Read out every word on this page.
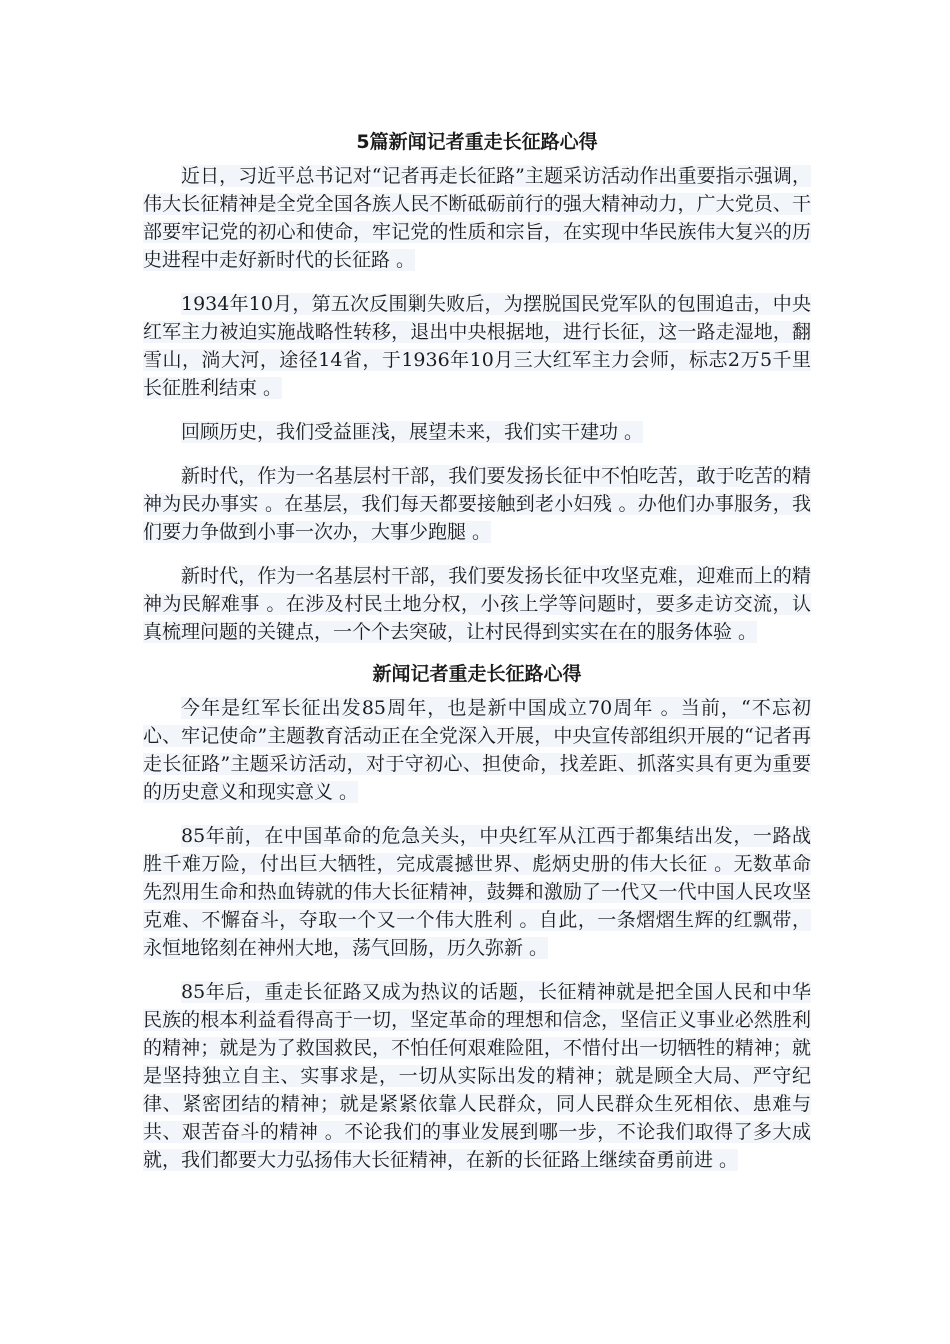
5篇新闻记者重走长征路心得

近日，习近平总书记对“记者再走长征路”主题采访活动作出重要指示强调，伟大长征精神是全党全国各族人民不断砥砺前行的强大精神动力，广大党员、干部要牢记党的初心和使命，牢记党的性质和宗旨，在实现中华民族伟大复兴的历史进程中走好新时代的长征路 。

1934年10月，第五次反围剿失败后，为摆脱国民党军队的包围追击，中央红军主力被迫实施战略性转移，退出中央根据地，进行长征，这一路走湿地，翻雪山，淌大河，途径14省，于1936年10月三大红军主力会师，标志2万5千里长征胜利结束 。

回顾历史，我们受益匪浅，展望未来，我们实干建功 。

新时代，作为一名基层村干部，我们要发扬长征中不怕吃苦，敢于吃苦的精神为民办事实 。在基层，我们每天都要接触到老小妇残 。办他们办事服务，我们要力争做到小事一次办，大事少跑腿 。

新时代，作为一名基层村干部，我们要发扬长征中攻坚克难，迎难而上的精神为民解难事 。在涉及村民土地分权，小孩上学等问题时，要多走访交流，认真梳理问题的关键点，一个个去突破，让村民得到实实在在的服务体验 。

新闻记者重走长征路心得

今年是红军长征出发85周年，也是新中国成立70周年 。当前，“不忘初心、牢记使命”主题教育活动正在全党深入开展，中央宣传部组织开展的“记者再走长征路”主题采访活动，对于守初心、担使命，找差距、抓落实具有更为重要的历史意义和现实意义 。

85年前，在中国革命的危急关头，中央红军从江西于都集结出发，一路战胜千难万险，付出巨大牺牲，完成震撼世界、彪炳史册的伟大长征 。无数革命先烈用生命和热血铸就的伟大长征精神，鼓舞和激励了一代又一代中国人民攻坚克难、不懈奋斗，夺取一个又一个伟大胜利 。自此，一条熠熠生辉的红飘带，永恒地铭刻在神州大地，荡气回肠，历久弥新 。

85年后，重走长征路又成为热议的话题，长征精神就是把全国人民和中华民族的根本利益看得高于一切，坚定革命的理想和信念，坚信正义事业必然胜利的精神；就是为了救国救民，不怕任何艰难险阻，不惜付出一切牺牲的精神；就是坚持独立自主、实事求是，一切从实际出发的精神；就是顾全大局、严守纪律、紧密团结的精神；就是紧紧依靠人民群众，同人民群众生死相依、患难与共、艰苦奋斗的精神 。不论我们的事业发展到哪一步，不论我们取得了多大成就，我们都要大力弘扬伟大长征精神，在新的长征路上继续奋勇前进 。
